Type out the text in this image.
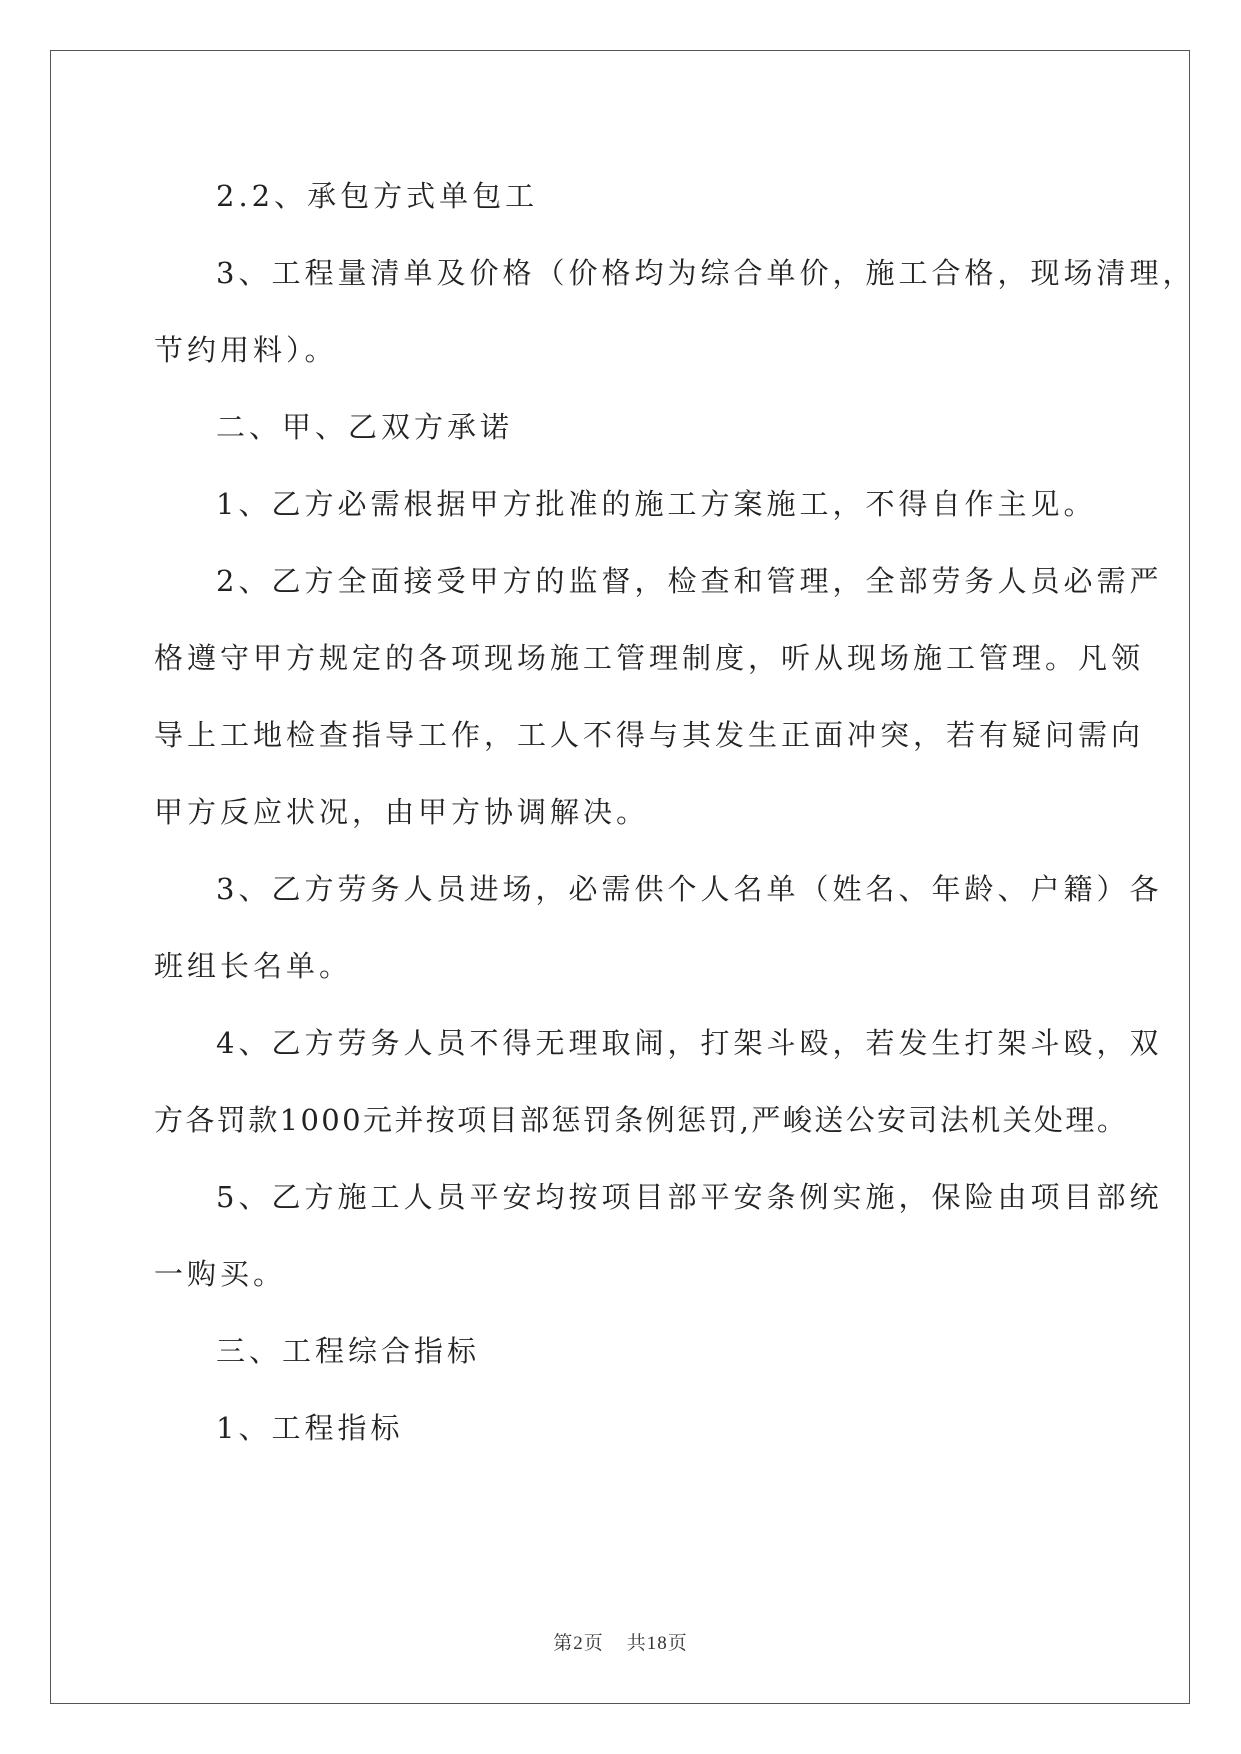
2.2、承包方式单包工

3、工程量清单及价格（价格均为综合单价，施工合格，现场清理，

节约用料）。

二、甲、乙双方承诺

1、乙方必需根据甲方批准的施工方案施工，不得自作主见。

2、乙方全面接受甲方的监督，检查和管理，全部劳务人员必需严

格遵守甲方规定的各项现场施工管理制度，听从现场施工管理。凡领

导上工地检查指导工作，工人不得与其发生正面冲突，若有疑问需向

甲方反应状况，由甲方协调解决。

3、乙方劳务人员进场，必需供个人名单（姓名、年龄、户籍）各

班组长名单。

4、乙方劳务人员不得无理取闹，打架斗殴，若发生打架斗殴，双

方各罚款1000元并按项目部惩罚条例惩罚,严峻送公安司法机关处理。

5、乙方施工人员平安均按项目部平安条例实施，保险由项目部统

一购买。

三、工程综合指标

1、工程指标

第2页    共18页
